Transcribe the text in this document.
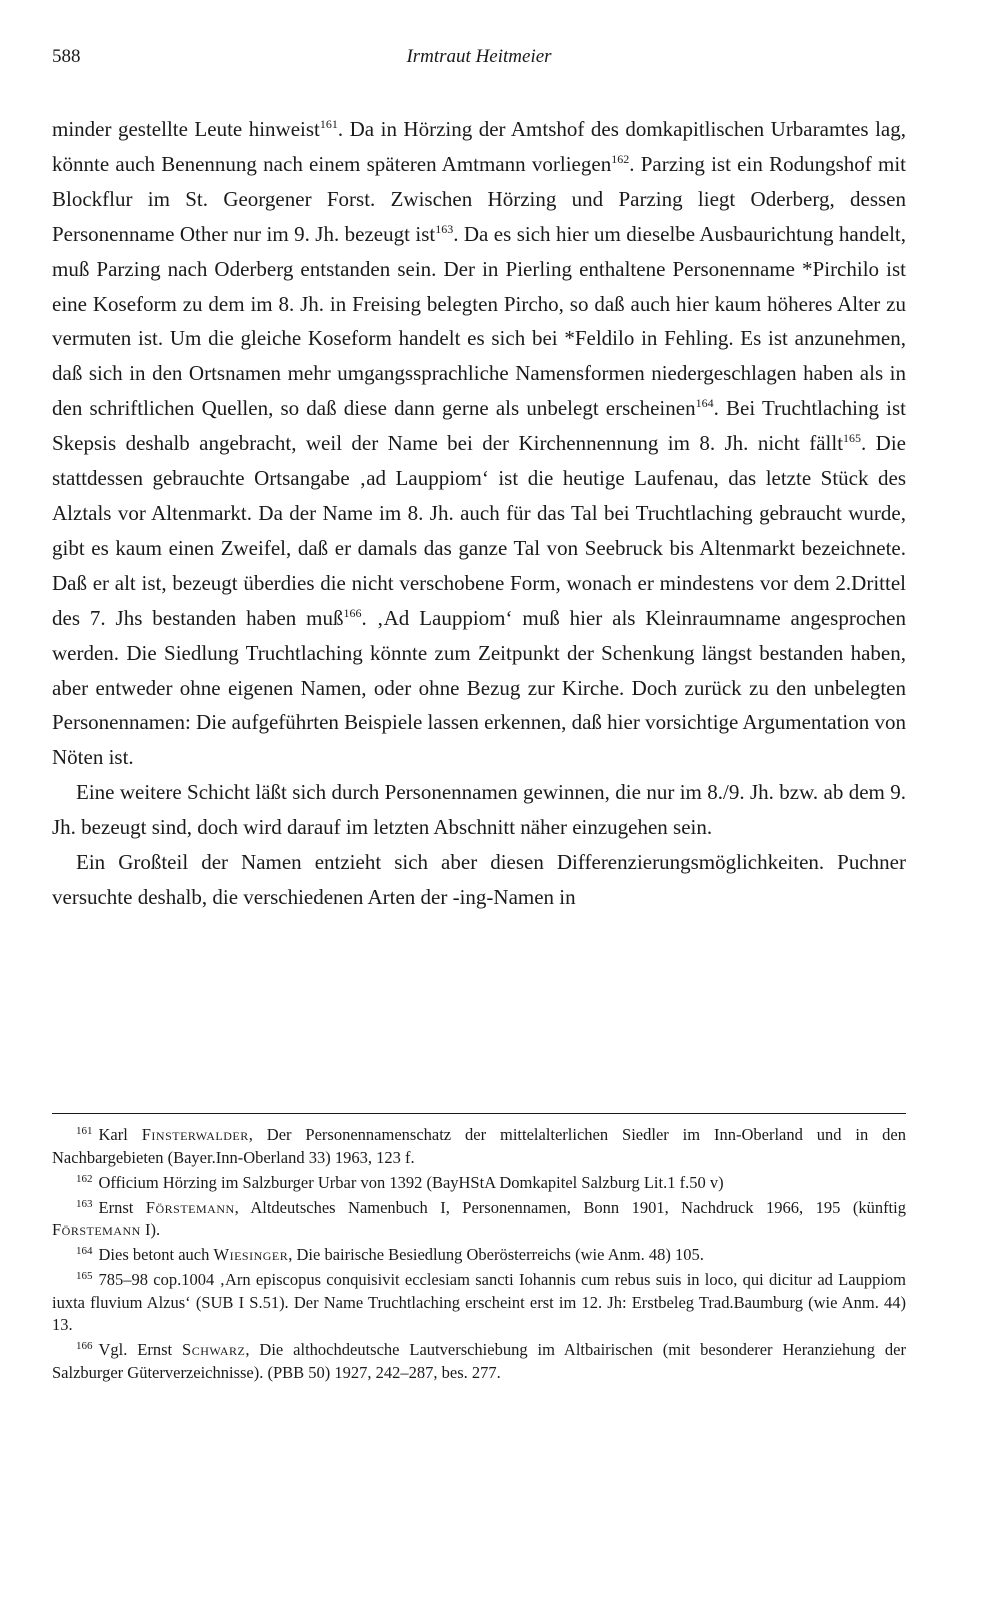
588	Irmtraut Heitmeier

minder gestellte Leute hinweist$^{161}$. Da in Hörzing der Amtshof des domkapitlischen Urbaramtes lag, könnte auch Benennung nach einem späteren Amtmann vorliegen$^{162}$. Parzing ist ein Rodungshof mit Blockflur im St. Georgener Forst. Zwischen Hörzing und Parzing liegt Oderberg, dessen Personenname Other nur im 9. Jh. bezeugt ist$^{163}$. Da es sich hier um dieselbe Ausbaurichtung handelt, muß Parzing nach Oderberg entstanden sein. Der in Pierling enthaltene Personenname *Pirchilo ist eine Koseform zu dem im 8. Jh. in Freising belegten Pircho, so daß auch hier kaum höheres Alter zu vermuten ist. Um die gleiche Koseform handelt es sich bei *Feldilo in Fehling. Es ist anzunehmen, daß sich in den Ortsnamen mehr umgangssprachliche Namensformen niedergeschlagen haben als in den schriftlichen Quellen, so daß diese dann gerne als unbelegt erscheinen$^{164}$. Bei Truchtlaching ist Skepsis deshalb angebracht, weil der Name bei der Kirchennennung im 8. Jh. nicht fällt$^{165}$. Die stattdessen gebrauchte Ortsangabe ‚ad Lauppiom‘ ist die heutige Laufenau, das letzte Stück des Alztals vor Altenmarkt. Da der Name im 8. Jh. auch für das Tal bei Truchtlaching gebraucht wurde, gibt es kaum einen Zweifel, daß er damals das ganze Tal von Seebruck bis Altenmarkt bezeichnete. Daß er alt ist, bezeugt überdies die nicht verschobene Form, wonach er mindestens vor dem 2.Drittel des 7. Jhs bestanden haben muß$^{166}$. ‚Ad Lauppiom‘ muß hier als Kleinraumname angesprochen werden. Die Siedlung Truchtlaching könnte zum Zeitpunkt der Schenkung längst bestanden haben, aber entweder ohne eigenen Namen, oder ohne Bezug zur Kirche. Doch zurück zu den unbelegten Personennamen: Die aufgeführten Beispiele lassen erkennen, daß hier vorsichtige Argumentation von Nöten ist.

Eine weitere Schicht läßt sich durch Personennamen gewinnen, die nur im 8./9. Jh. bzw. ab dem 9. Jh. bezeugt sind, doch wird darauf im letzten Abschnitt näher einzugehen sein.

Ein Großteil der Namen entzieht sich aber diesen Differenzierungsmöglichkeiten. Puchner versuchte deshalb, die verschiedenen Arten der -ing-Namen in

$^{161}$ Karl Finsterwalder, Der Personennamenschatz der mittelalterlichen Siedler im Inn-Oberland und in den Nachbargebieten (Bayer.Inn-Oberland 33) 1963, 123 f.

$^{162}$ Officium Hörzing im Salzburger Urbar von 1392 (BayHStA Domkapitel Salzburg Lit.1 f.50 v)

$^{163}$ Ernst Förstemann, Altdeutsches Namenbuch I, Personennamen, Bonn 1901, Nachdruck 1966, 195 (künftig Förstemann I).

$^{164}$ Dies betont auch Wiesinger, Die bairische Besiedlung Oberösterreichs (wie Anm. 48) 105.

$^{165}$ 785–98 cop.1004 ‚Arn episcopus conquisivit ecclesiam sancti Iohannis cum rebus suis in loco, qui dicitur ad Lauppiom iuxta fluvium Alzus‘ (SUB I S.51). Der Name Truchtlaching erscheint erst im 12. Jh: Erstbeleg Trad.Baumburg (wie Anm. 44) 13.

$^{166}$ Vgl. Ernst Schwarz, Die althochdeutsche Lautverschiebung im Altbairischen (mit besonderer Heranziehung der Salzburger Güterverzeichnisse). (PBB 50) 1927, 242–287, bes. 277.
